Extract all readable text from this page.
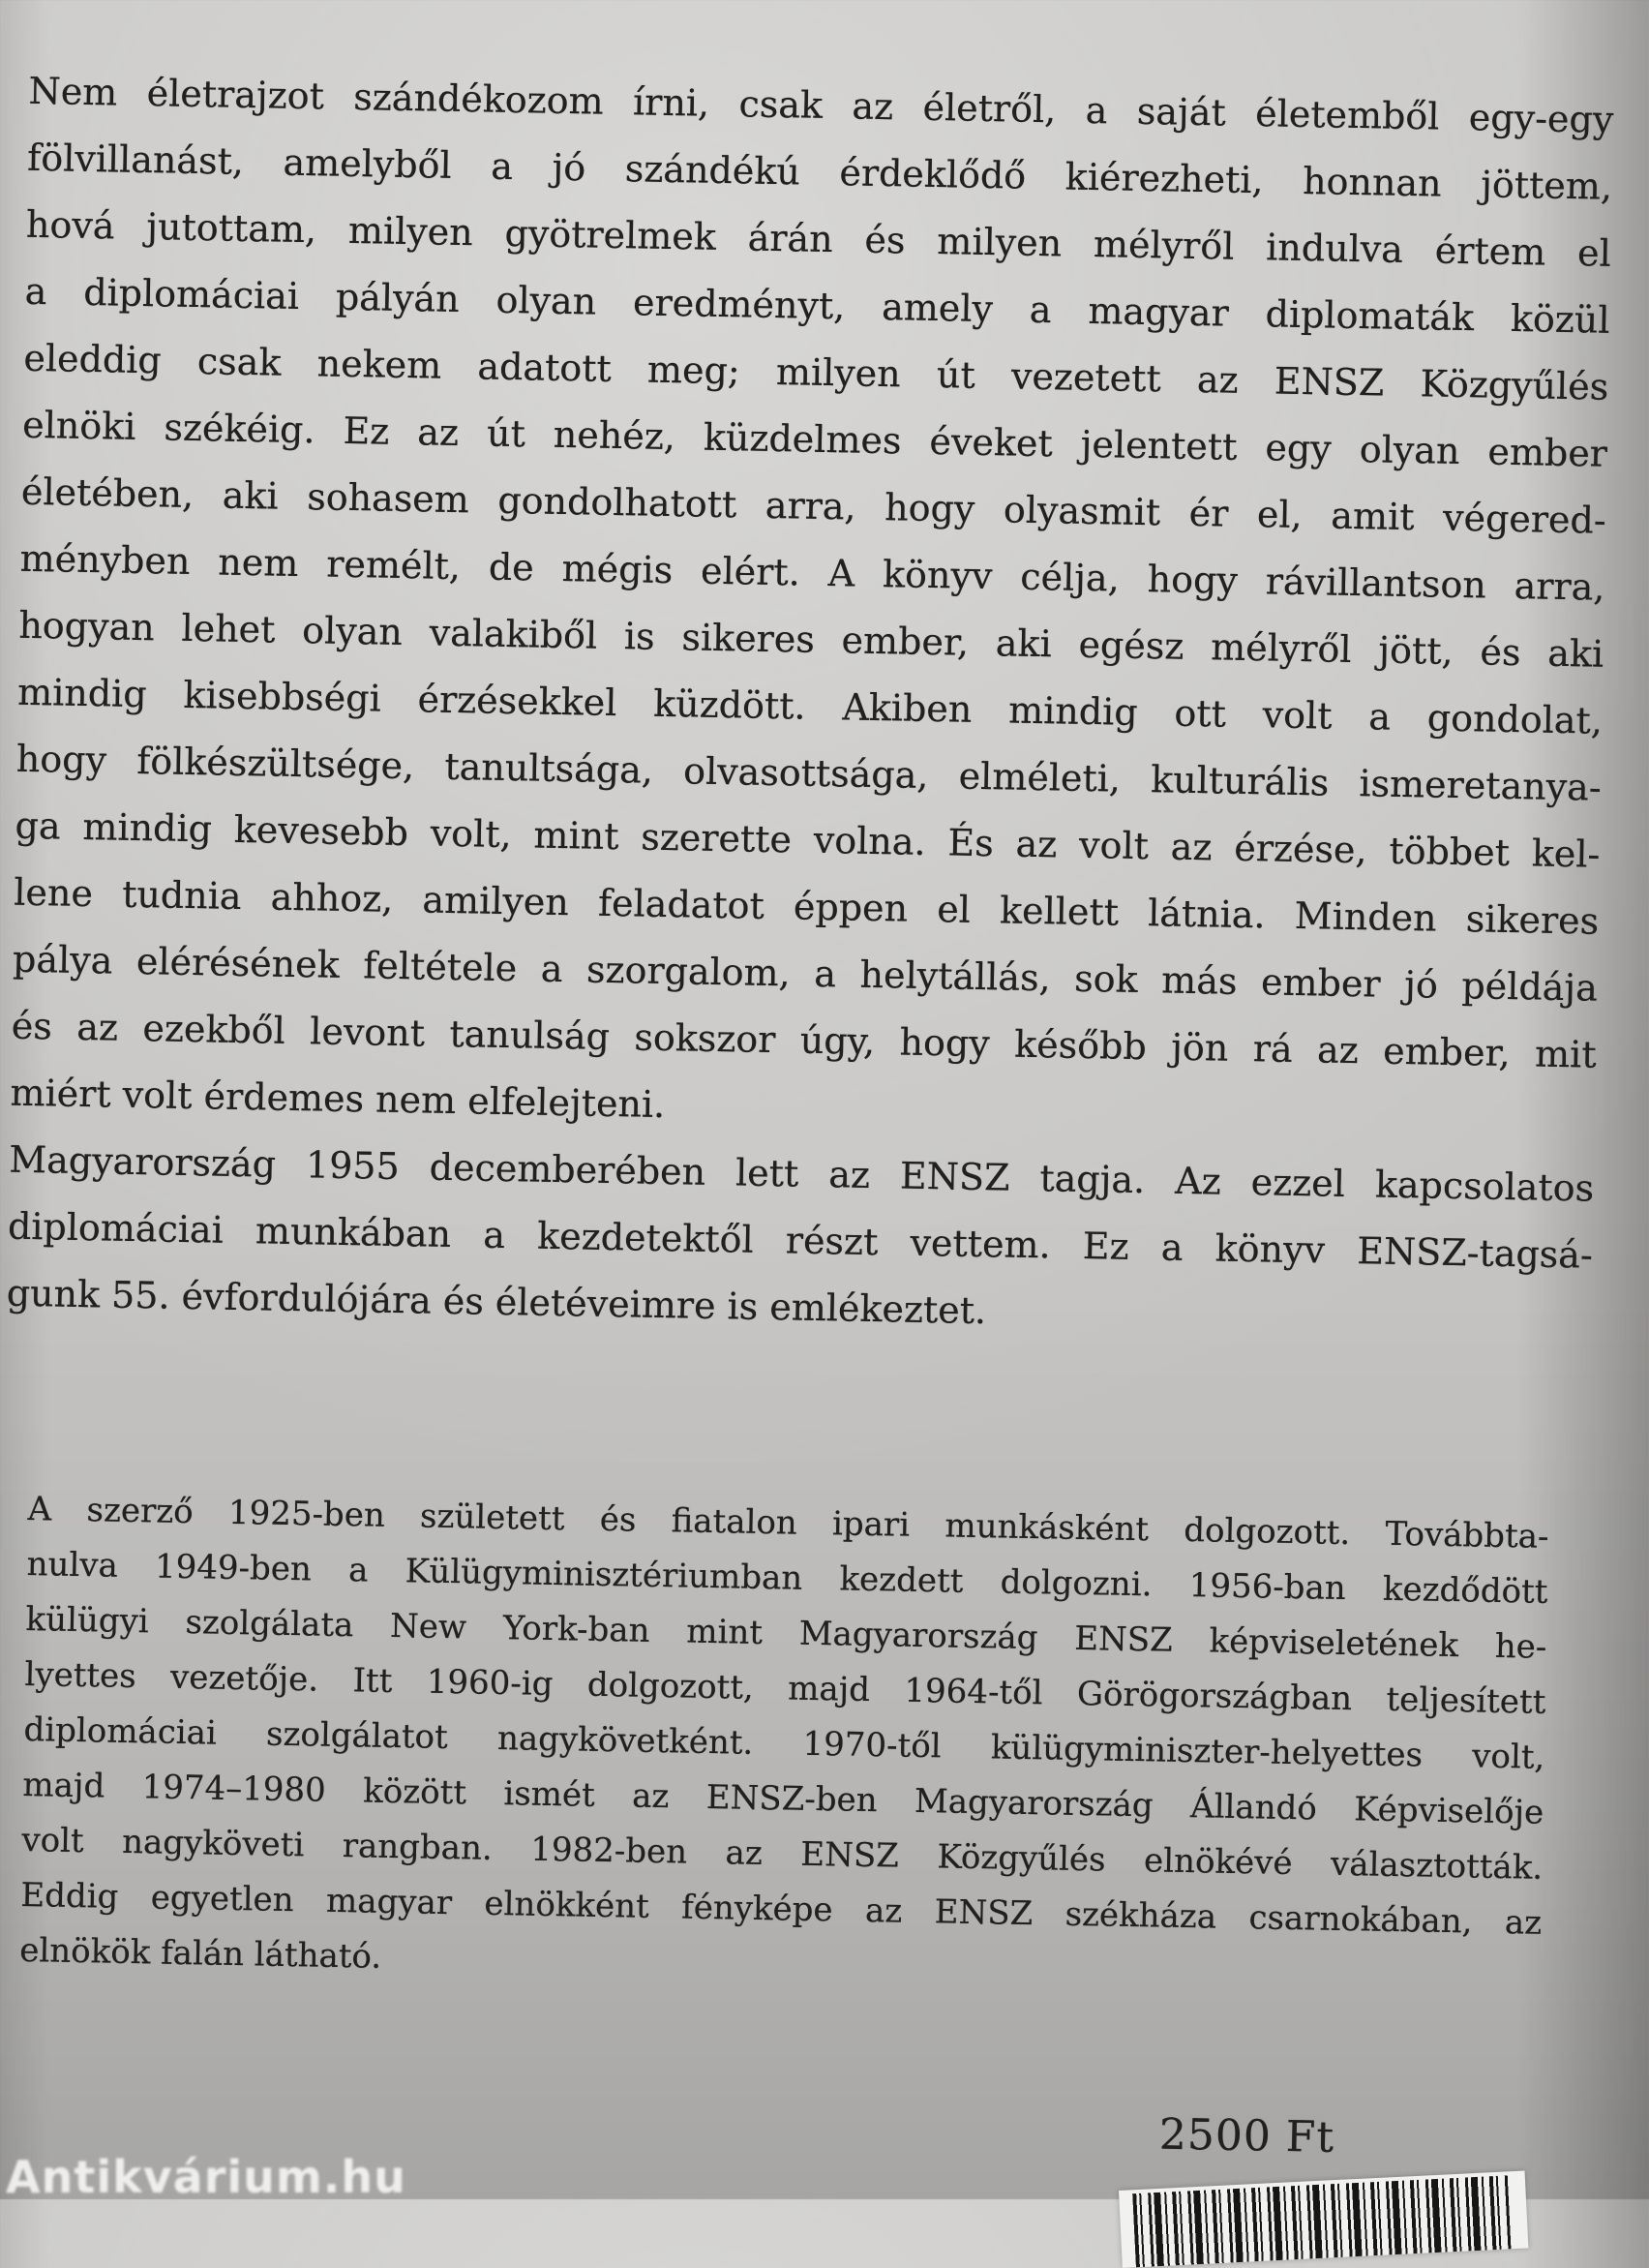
Nem életrajzot szándékozom írni, csak az életről, a saját életemből egy-egy
fölvillanást, amelyből a jó szándékú érdeklődő kiérezheti, honnan jöttem,
hová jutottam, milyen gyötrelmek árán és milyen mélyről indulva értem el
a diplomáciai pályán olyan eredményt, amely a magyar diplomaták közül
eleddig csak nekem adatott meg; milyen út vezetett az ENSZ Közgyűlés
elnöki székéig. Ez az út nehéz, küzdelmes éveket jelentett egy olyan ember
életében, aki sohasem gondolhatott arra, hogy olyasmit ér el, amit végered-
ményben nem remélt, de mégis elért. A könyv célja, hogy rávillantson arra,
hogyan lehet olyan valakiből is sikeres ember, aki egész mélyről jött, és aki
mindig kisebbségi érzésekkel küzdött. Akiben mindig ott volt a gondolat,
hogy fölkészültsége, tanultsága, olvasottsága, elméleti, kulturális ismeretanya-
ga mindig kevesebb volt, mint szerette volna. És az volt az érzése, többet kel-
lene tudnia ahhoz, amilyen feladatot éppen el kellett látnia. Minden sikeres
pálya elérésének feltétele a szorgalom, a helytállás, sok más ember jó példája
és az ezekből levont tanulság sokszor úgy, hogy később jön rá az ember, mit
miért volt érdemes nem elfelejteni.
Magyarország 1955 decemberében lett az ENSZ tagja. Az ezzel kapcsolatos
diplomáciai munkában a kezdetektől részt vettem. Ez a könyv ENSZ-tagsá-
gunk 55. évfordulójára és életéveimre is emlékeztet.
A szerző 1925-ben született és fiatalon ipari munkásként dolgozott. Továbbta-
nulva 1949-ben a Külügyminisztériumban kezdett dolgozni. 1956-ban kezdődött
külügyi szolgálata New York-ban mint Magyarország ENSZ képviseletének he-
lyettes vezetője. Itt 1960-ig dolgozott, majd 1964-től Görögországban teljesített
diplomáciai szolgálatot nagykövetként. 1970-től külügyminiszter-helyettes volt,
majd 1974–1980 között ismét az ENSZ-ben Magyarország Állandó Képviselője
volt nagyköveti rangban. 1982-ben az ENSZ Közgyűlés elnökévé választották.
Eddig egyetlen magyar elnökként fényképe az ENSZ székháza csarnokában, az
elnökök falán látható.
2500 Ft
Antikvárium.hu
